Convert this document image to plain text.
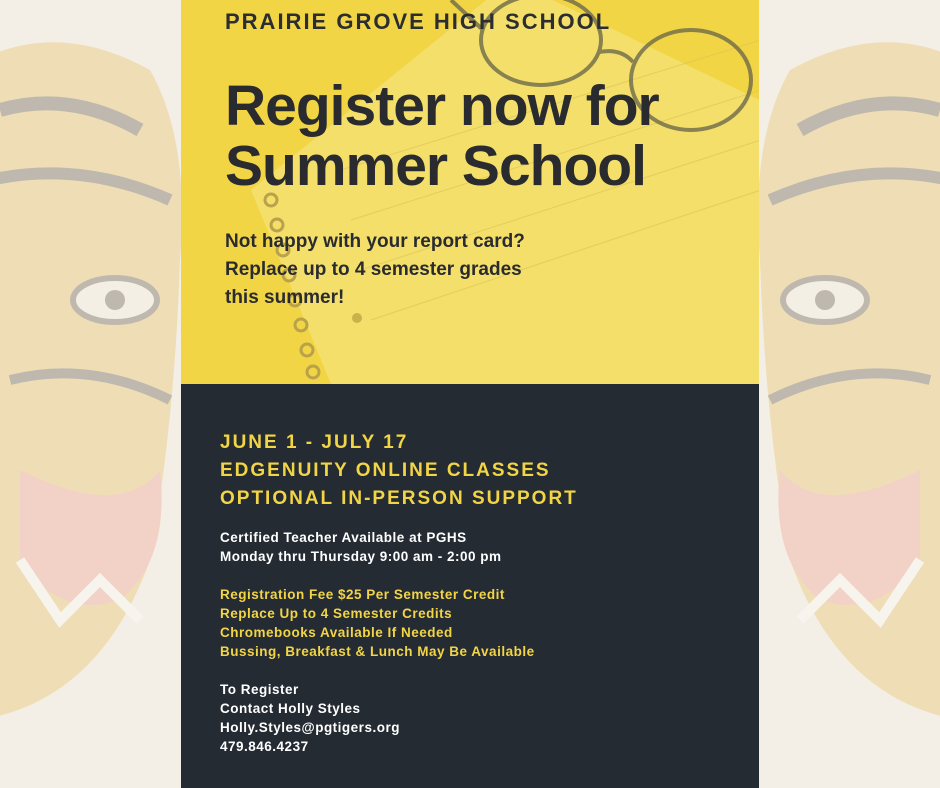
PRAIRIE GROVE HIGH SCHOOL
Register now for
Summer School
Not happy with your report card?
Replace up to 4 semester grades
this summer!
JUNE 1 - JULY 17
EDGENUITY ONLINE CLASSES
OPTIONAL IN-PERSON SUPPORT
Certified Teacher Available at PGHS
Monday thru Thursday 9:00 am - 2:00 pm
Registration Fee $25 Per Semester Credit
Replace Up to 4 Semester Credits
Chromebooks Available If Needed
Bussing, Breakfast & Lunch May Be Available
To Register
Contact Holly Styles
Holly.Styles@pgtigers.org
479.846.4237
